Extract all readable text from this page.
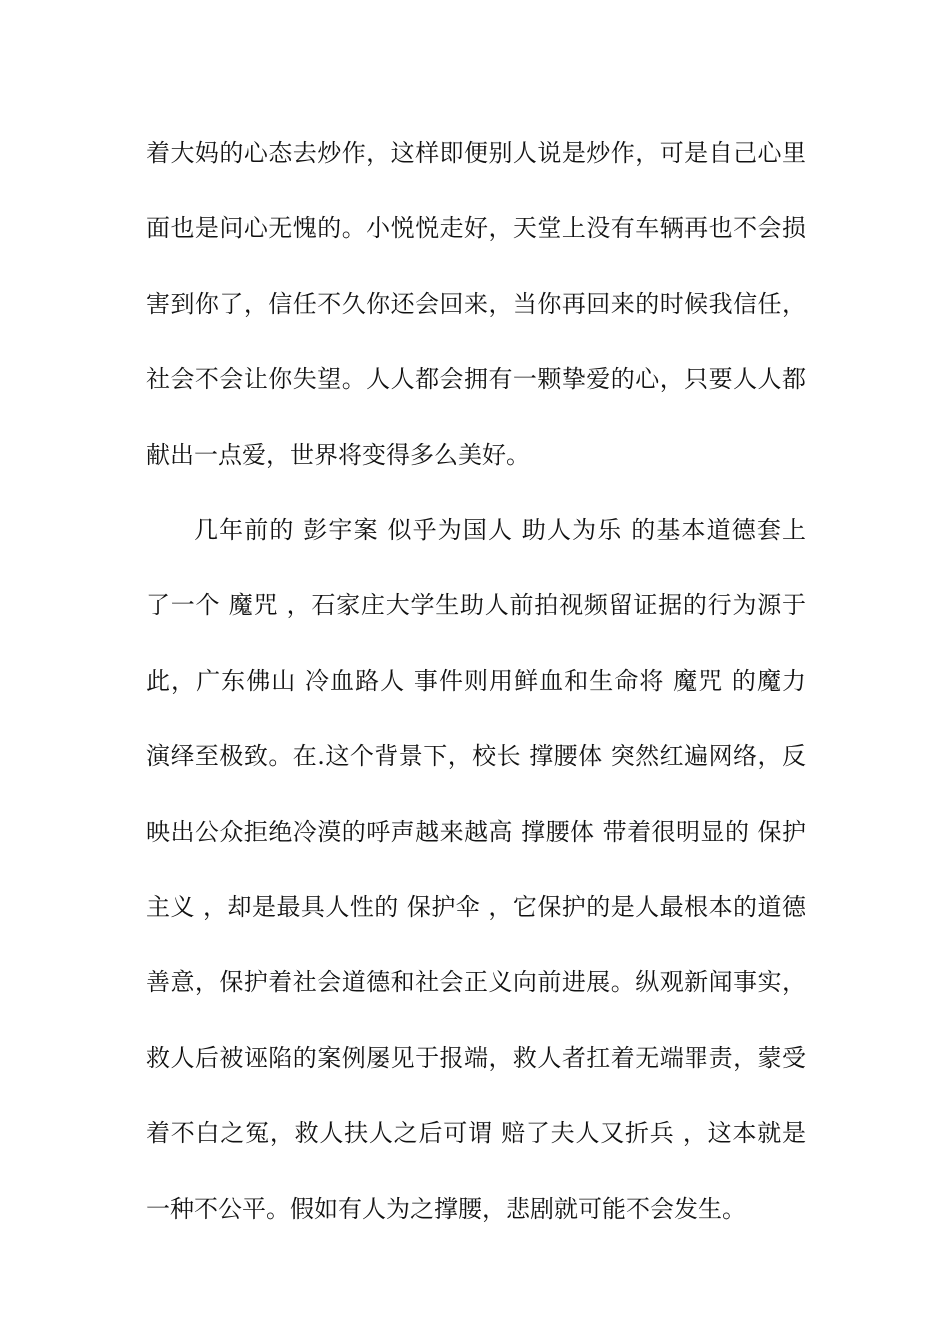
着大妈的心态去炒作，这样即便别人说是炒作，可是自己心里
面也是问心无愧的。小悦悦走好，天堂上没有车辆再也不会损
害到你了，信任不久你还会回来，当你再回来的时候我信任，
社会不会让你失望。人人都会拥有一颗挚爱的心，只要人人都
献出一点爱，世界将变得多么美好。
几年前的 彭宇案 似乎为国人 助人为乐 的基本道德套上
了一个 魔咒 ，石家庄大学生助人前拍视频留证据的行为源于
此，广东佛山 冷血路人 事件则用鲜血和生命将 魔咒 的魔力
演绎至极致。在.这个背景下，校长 撑腰体 突然红遍网络，反
映出公众拒绝冷漠的呼声越来越高 撑腰体 带着很明显的 保护
主义 ，却是最具人性的 保护伞 ，它保护的是人最根本的道德
善意，保护着社会道德和社会正义向前进展。纵观新闻事实，
救人后被诬陷的案例屡见于报端，救人者扛着无端罪责，蒙受
着不白之冤，救人扶人之后可谓 赔了夫人又折兵 ，这本就是
一种不公平。假如有人为之撑腰，悲剧就可能不会发生。
